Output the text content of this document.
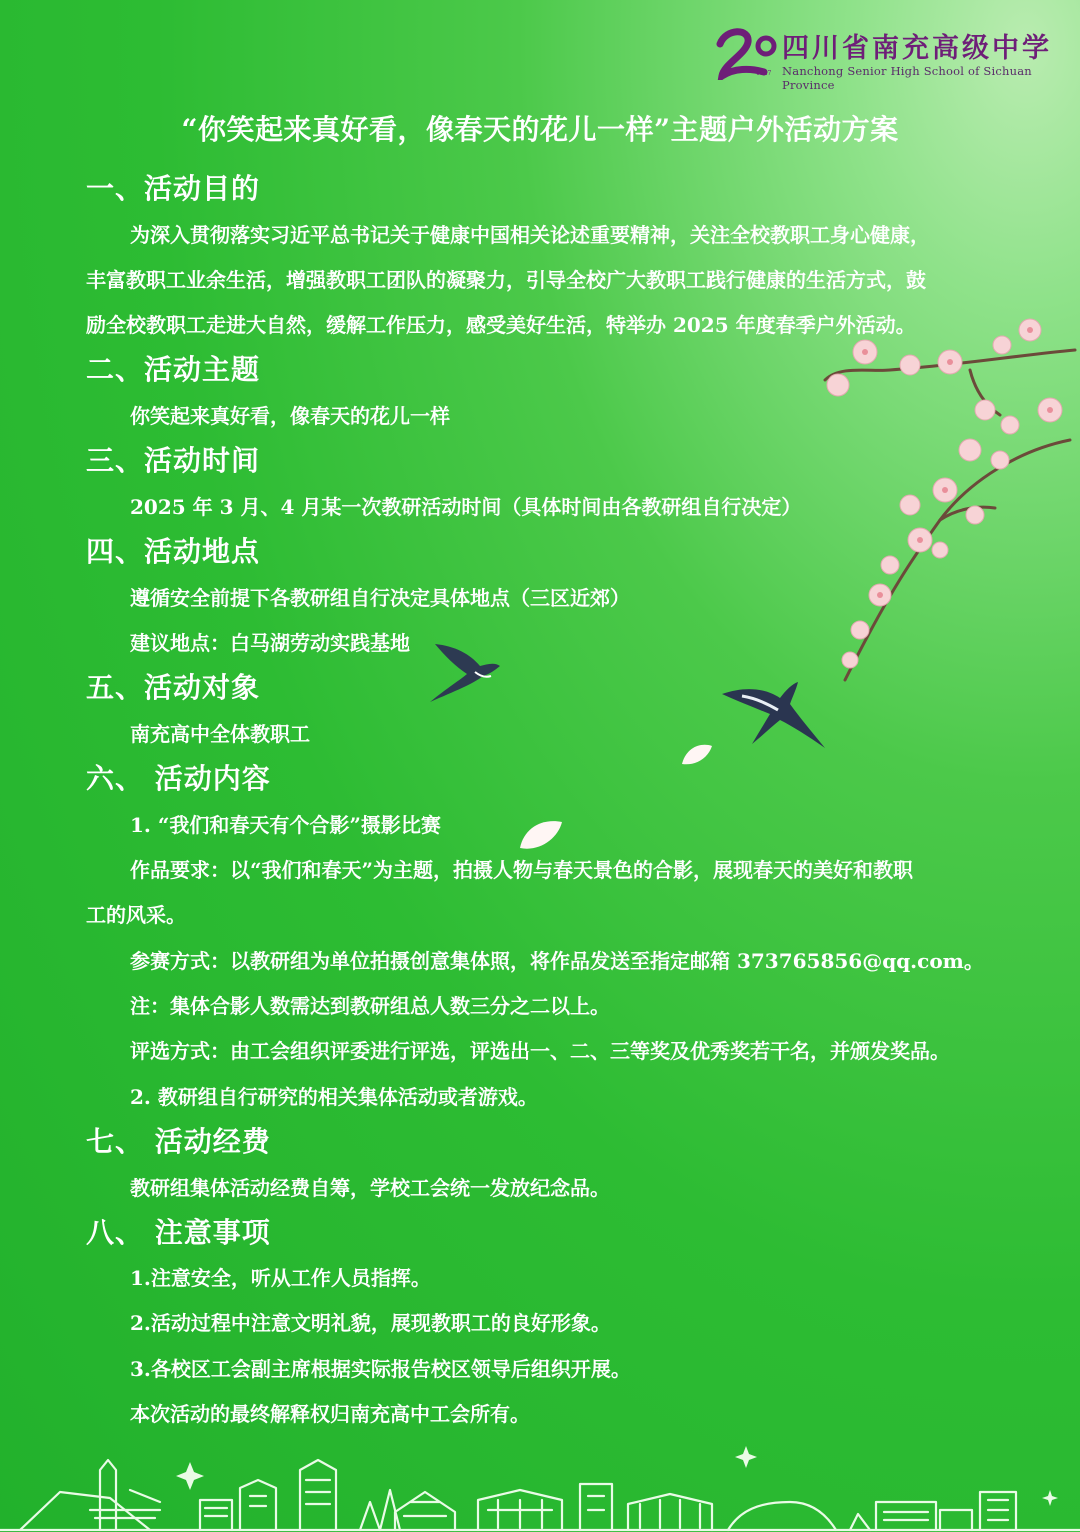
四川省南充高级中学
Nanchong Senior High School of Sichuan Province
1927
“你笑起来真好看，像春天的花儿一样”主题户外活动方案
一、活动目的
为深入贯彻落实习近平总书记关于健康中国相关论述重要精神，关注全校教职工身心健康，
丰富教职工业余生活，增强教职工团队的凝聚力，引导全校广大教职工践行健康的生活方式，鼓
励全校教职工走进大自然，缓解工作压力，感受美好生活，特举办 2025 年度春季户外活动。
二、活动主题
你笑起来真好看，像春天的花儿一样
三、活动时间
2025 年 3 月、4 月某一次教研活动时间（具体时间由各教研组自行决定）
四、活动地点
遵循安全前提下各教研组自行决定具体地点（三区近郊）
建议地点：白马湖劳动实践基地
五、活动对象
南充高中全体教职工
六、 活动内容
1. “我们和春天有个合影”摄影比赛
作品要求：以“我们和春天”为主题，拍摄人物与春天景色的合影，展现春天的美好和教职
工的风采。
参赛方式：以教研组为单位拍摄创意集体照，将作品发送至指定邮箱 373765856@qq.com。
注：集体合影人数需达到教研组总人数三分之二以上。
评选方式：由工会组织评委进行评选，评选出一、二、三等奖及优秀奖若干名，并颁发奖品。
2. 教研组自行研究的相关集体活动或者游戏。
七、 活动经费
教研组集体活动经费自筹，学校工会统一发放纪念品。
八、 注意事项
1.注意安全，听从工作人员指挥。
2.活动过程中注意文明礼貌，展现教职工的良好形象。
3.各校区工会副主席根据实际报告校区领导后组织开展。
本次活动的最终解释权归南充高中工会所有。
